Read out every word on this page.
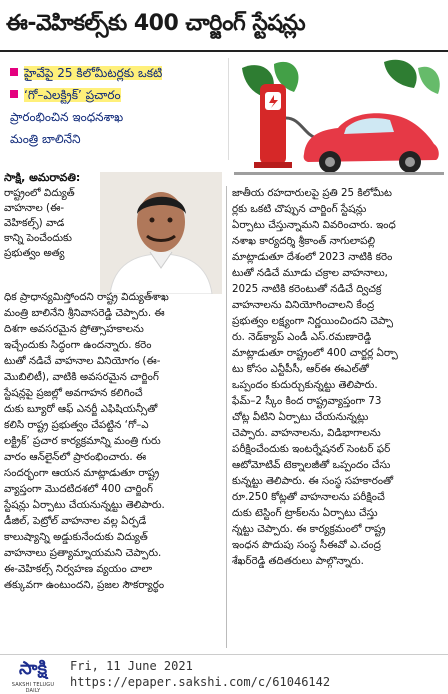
ఈ-వెహికల్స్‌కు 400 చార్జింగ్ స్టేషన్లు
హైవేపై 25 కిలోమీటర్లకు ఒకటి
‘గో–ఎలక్ట్రిక్’ ప్రచారం
ప్రారంభించిన ఇంధనశాఖ
మంత్రి బాలినేని
సాక్షి, అమరావతి:
రాష్ట్రంలో విద్యుత్
వాహనాల (ఈ-
వెహికల్స్‌) వాడ
కాన్ని పెంచేందుకు
ప్రభుత్వం అత్య
ధిక ప్రాధాన్యమిస్తోందని రాష్ట్ర విద్యుత్‌శాఖ
మంత్రి బాలినేని శ్రీనివాసరెడ్డి చెప్పారు. ఈ
దిశగా అవసరమైన ప్రోత్సాహకాలను
ఇచ్చేందుకు సిద్ధంగా ఉందన్నారు. కరెం
టుతో నడిచే వాహనాల వినియోగం (ఈ-
మొబిలిటీ), వాటికి అవసరమైన చార్జింగ్
స్టేషన్లపై ప్రజల్లో అవగాహన కలిగించే
దుకు బ్యూరో ఆఫ్ ఎనర్జీ ఎఫిషియన్సీతో
కలిసి రాష్ట్ర ప్రభుత్వం చేపట్టిన ‘గో–ఎ
లక్ట్రిక్’ ప్రచార కార్యక్రమాన్ని మంత్రి గురు
వారం ఆన్‌లైన్‌లో ప్రారంభించారు. ఈ
సందర్భంగా ఆయన మాట్లాడుతూ రాష్ట్ర
వ్యాప్తంగా మొదటిదశలో 400 చార్జింగ్
స్టేషన్లు ఏర్పాటు చేయనున్నట్టు తెలిపారు.
డీజిల్, పెట్రోల్ వాహనాల వల్ల ఏర్పడే
కాలుష్యాన్ని అడ్డుకునేందుకు విద్యుత్
వాహనాలు ప్రత్యామ్నాయమని చెప్పారు.
ఈ-వెహికల్స్‌ నిర్వహణ వ్యయం చాలా
తక్కువగా ఉంటుందని, ప్రజల సౌకర్యార్థం
జాతీయ రహదారులపై ప్రతి 25 కిలోమీట
ర్లకు ఒకటి చొప్పున చార్జింగ్ స్టేషన్లు
ఏర్పాటు చేస్తున్నామని వివరించారు. ఇంధ
నశాఖ కార్యదర్శి శ్రీకాంత్ నాగులాపల్లి
మాట్లాడుతూ దేశంలో 2023 నాటికి కరెం
టుతో నడిచే మూడు చక్రాల వాహనాలు,
2025 నాటికి కరెంటుతో నడిచే ద్విచక్ర
వాహనాలను వినియోగించాలని కేంద్ర
ప్రభుత్వం లక్ష్యంగా నిర్ణయించిందని చెప్పా
రు. నెడ్‌క్యాప్ ఎండీ ఎస్.రమణారెడ్డి
మాట్లాడుతూ రాష్ట్రంలో 400 చార్జర్ల ఏర్పా
టు కోసం ఎన్టీపీసీ, ఆర్‌ఈ ఈఎల్‌తో
ఒప్పందం కుదుర్చుకున్నట్టు తెలిపారు.
ఫేమ్–2 స్కీం కింద రాష్ట్రవ్యాప్తంగా 73
చోట్ల వీటిని ఏర్పాటు చేయనున్నట్లు
చెప్పారు. వాహనాలను, విడిభాగాలను
పరీక్షించేందుకు ఇంటర్నేషనల్ సెంటర్ ఫర్
ఆటోమోటివ్ టెక్నాలజీతో ఒప్పందం చేసు
కున్నట్టు తెలిపారు. ఈ సంస్థ సహకారంతో
రూ.250 కోట్లతో వాహనాలను పరీక్షించే
దుకు టెస్టింగ్ ట్రాక్‌లను ఏర్పాటు చేస్తు
న్నట్టు చెప్పారు. ఈ కార్యక్రమంలో రాష్ట్ర
ఇంధన పొదుపు సంస్థ సీఈవో ఎ.చంద్ర
శేఖర్‌రెడ్డి తదితరులు పాల్గొన్నారు.
సాక్షి
SAKSHI TELUGU DAILY
Fri, 11 June 2021
https://epaper.sakshi.com/c/61046142
